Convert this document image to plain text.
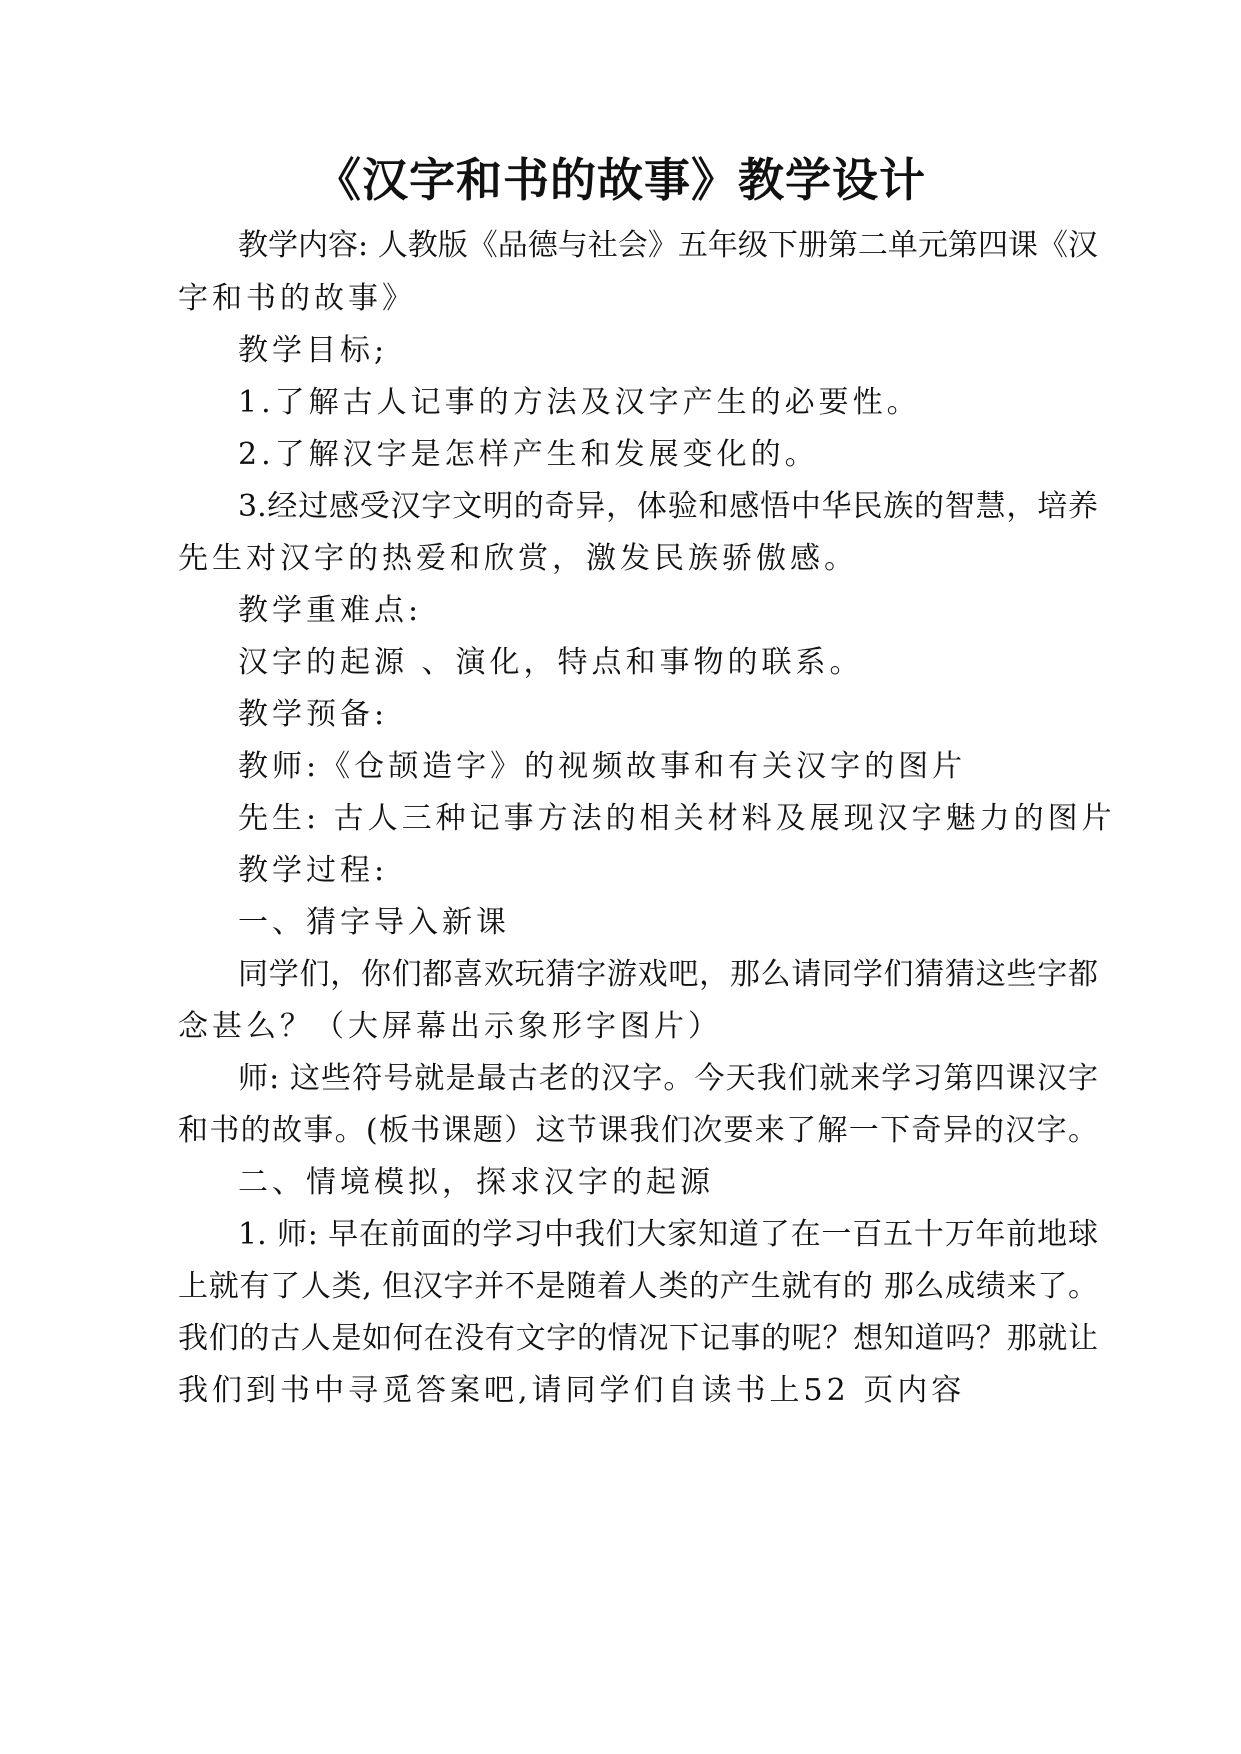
《汉字和书的故事》教学设计
教学内容: 人教版《品德与社会》五年级下册第二单元第四课《汉
字和书的故事》
教学目标;
1.了解古人记事的方法及汉字产生的必要性。
2.了解汉字是怎样产生和发展变化的。
3.经过感受汉字文明的奇异，体验和感悟中华民族的智慧，培养
先生对汉字的热爱和欣赏，激发民族骄傲感。
教学重难点:
汉字的起源 、演化，特点和事物的联系。
教学预备:
教师:《仓颉造字》的视频故事和有关汉字的图片
先生: 古人三种记事方法的相关材料及展现汉字魅力的图片
教学过程:
一、猜字导入新课
同学们，你们都喜欢玩猜字游戏吧，那么请同学们猜猜这些字都
念甚么？（大屏幕出示象形字图片）
师: 这些符号就是最古老的汉字。今天我们就来学习第四课汉字
和书的故事。(板书课题）这节课我们次要来了解一下奇异的汉字。
二、情境模拟，探求汉字的起源
1. 师: 早在前面的学习中我们大家知道了在一百五十万年前地球
上就有了人类, 但汉字并不是随着人类的产生就有的 那么成绩来了。
我们的古人是如何在没有文字的情况下记事的呢？想知道吗？那就让
我们到书中寻觅答案吧,请同学们自读书上52 页内容
